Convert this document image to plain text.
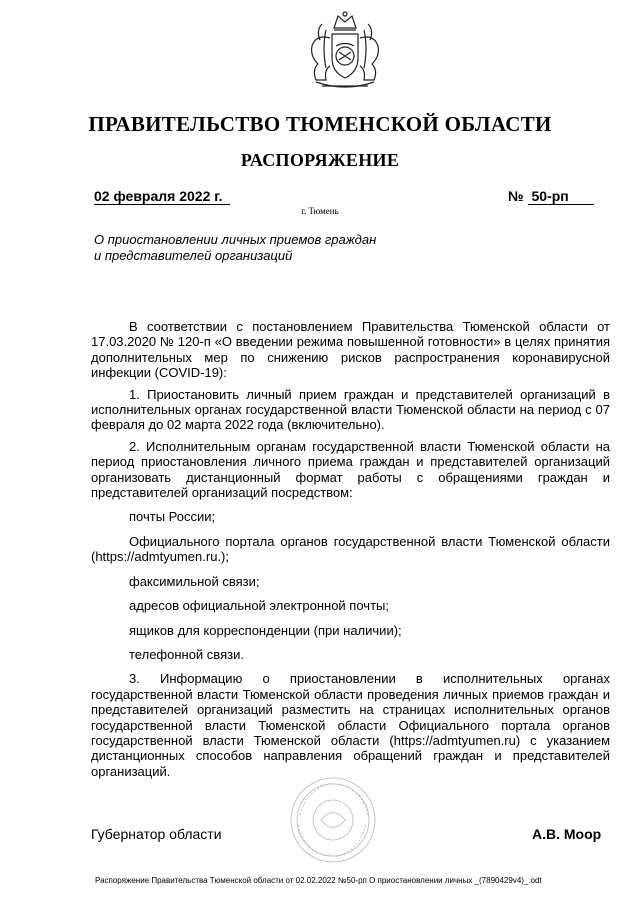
ПРАВИТЕЛЬСТВО ТЮМЕНСКОЙ ОБЛАСТИ
РАСПОРЯЖЕНИЕ
02 февраля 2022 г.	№ 50-рп
г. Тюмень
О приостановлении личных приемов граждан и представителей организаций

В соответствии с постановлением Правительства Тюменской области от 17.03.2020 № 120-п «О введении режима повышенной готовности» в целях принятия дополнительных мер по снижению рисков распространения коронавирусной инфекции (COVID-19):

1. Приостановить личный прием граждан и представителей организаций в исполнительных органах государственной власти Тюменской области на период с 07 февраля до 02 марта 2022 года (включительно).

2. Исполнительным органам государственной власти Тюменской области на период приостановления личного приема граждан и представителей организаций организовать дистанционный формат работы с обращениями граждан и представителей организаций посредством:

почты России;

Официального портала органов государственной власти Тюменской области (https://admtyumen.ru.);

факсимильной связи;

адресов официальной электронной почты;

ящиков для корреспонденции (при наличии);

телефонной связи.

3. Информацию о приостановлении в исполнительных органах государственной власти Тюменской области проведения личных приемов граждан и представителей организаций разместить на страницах исполнительных органов государственной власти Тюменской области Официального портала органов государственной власти Тюменской области (https://admtyumen.ru) с указанием дистанционных способов направления обращений граждан и представителей организаций.

Губернатор области	А.В. Моор
Распоряжение Правительства Тюменской области от 02.02.2022 №50-рп О приостановлении личных _(7890429v4)_.odt
